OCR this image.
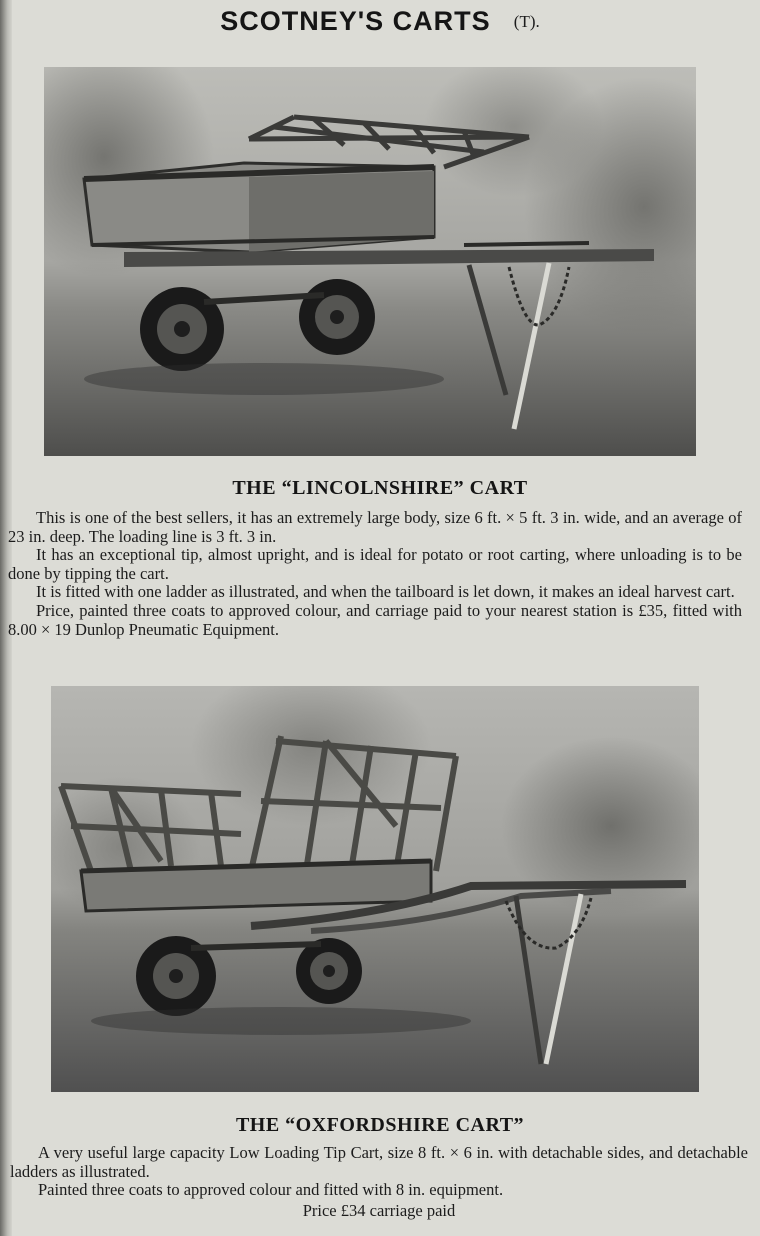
SCOTNEY'S CARTS (T).
THE “LINCOLNSHIRE” CART

This is one of the best sellers, it has an extremely large body, size 6 ft. × 5 ft. 3 in. wide, and an average of 23 in. deep. The loading line is 3 ft. 3 in.

It has an exceptional tip, almost upright, and is ideal for potato or root carting, where unloading is to be done by tipping the cart.

It is fitted with one ladder as illustrated, and when the tailboard is let down, it makes an ideal harvest cart.

Price, painted three coats to approved colour, and carriage paid to your nearest station is £35, fitted with 8.00 × 19 Dunlop Pneumatic Equipment.

THE “OXFORDSHIRE CART”

A very useful large capacity Low Loading Tip Cart, size 8 ft. × 6 in. with detachable sides, and detachable ladders as illustrated.

Painted three coats to approved colour and fitted with 8 in. equipment.

Price £34 carriage paid
